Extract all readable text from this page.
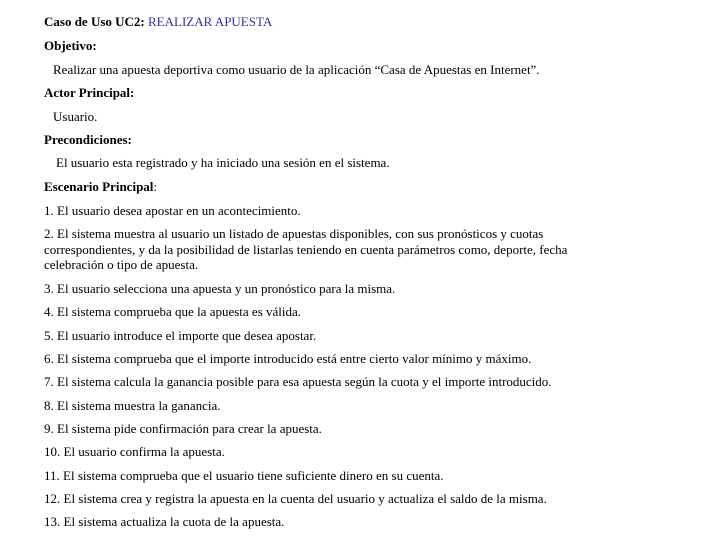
Caso de Uso UC2: REALIZAR APUESTA
Objetivo:
Realizar una apuesta deportiva como usuario de la aplicación “Casa de Apuestas en Internet”.
Actor Principal:
Usuario.
Precondiciones:
El usuario esta registrado y ha iniciado una sesión en el sistema.
Escenario Principal:
1. El usuario desea apostar en un acontecimiento.
2. El sistema muestra al usuario un listado de apuestas disponibles, con sus pronósticos y cuotas correspondientes, y da la posibilidad de listarlas teniendo en cuenta parámetros como, deporte, fecha celebración o tipo de apuesta.
3. El usuario selecciona una apuesta y un pronóstico para la misma.
4. El sistema comprueba que la apuesta es válida.
5. El usuario introduce el importe que desea apostar.
6. El sistema comprueba que el importe introducido está entre cierto valor mínimo y máximo.
7. El sistema calcula la ganancia posible para esa apuesta según la cuota y el importe introducido.
8. El sistema muestra la ganancia.
9. El sistema pide confirmación para crear la apuesta.
10. El usuario confirma la apuesta.
11. El sistema comprueba que el usuario tiene suficiente dinero en su cuenta.
12. El sistema crea y registra la apuesta en la cuenta del usuario y actualiza el saldo de la misma.
13. El sistema actualiza la cuota de la apuesta.
